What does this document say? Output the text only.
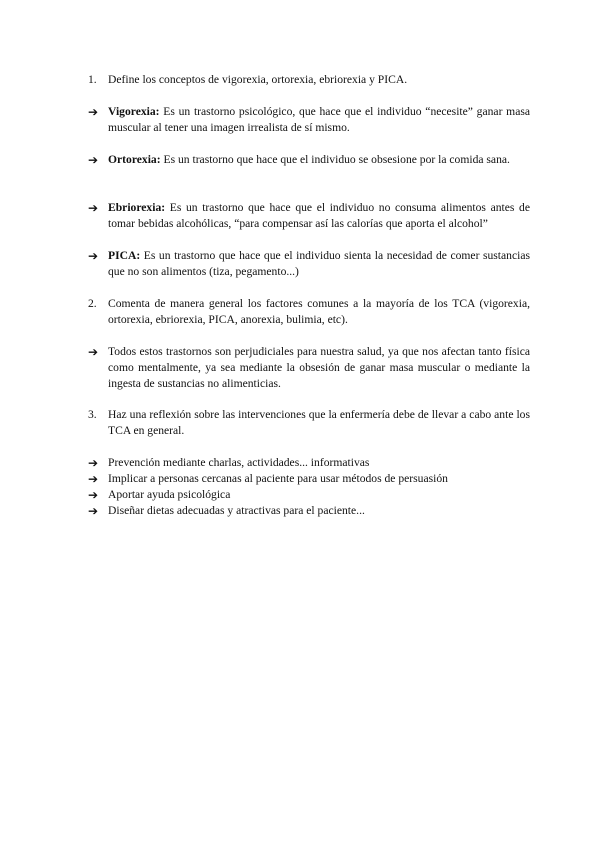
1. Define los conceptos de vigorexia, ortorexia, ebriorexia y PICA.
➔ Vigorexia: Es un trastorno psicológico, que hace que el individuo “necesite” ganar masa muscular al tener una imagen irrealista de sí mismo.
➔ Ortorexia: Es un trastorno que hace que el individuo se obsesione por la comida sana.
➔ Ebriorexia: Es un trastorno que hace que el individuo no consuma alimentos antes de tomar bebidas alcohólicas, “para compensar así las calorías que aporta el alcohol”
➔ PICA: Es un trastorno que hace que el individuo sienta la necesidad de comer sustancias que no son alimentos (tiza, pegamento...)
2. Comenta de manera general los factores comunes a la mayoría de los TCA (vigorexia, ortorexia, ebriorexia, PICA, anorexia, bulimia, etc).
➔ Todos estos trastornos son perjudiciales para nuestra salud, ya que nos afectan tanto física como mentalmente, ya sea mediante la obsesión de ganar masa muscular o mediante la ingesta de sustancias no alimenticias.
3. Haz una reflexión sobre las intervenciones que la enfermería debe de llevar a cabo ante los TCA en general.
➔ Prevención mediante charlas, actividades... informativas
➔ Implicar a personas cercanas al paciente para usar métodos de persuasión
➔ Aportar ayuda psicológica
➔ Diseñar dietas adecuadas y atractivas para el paciente...
